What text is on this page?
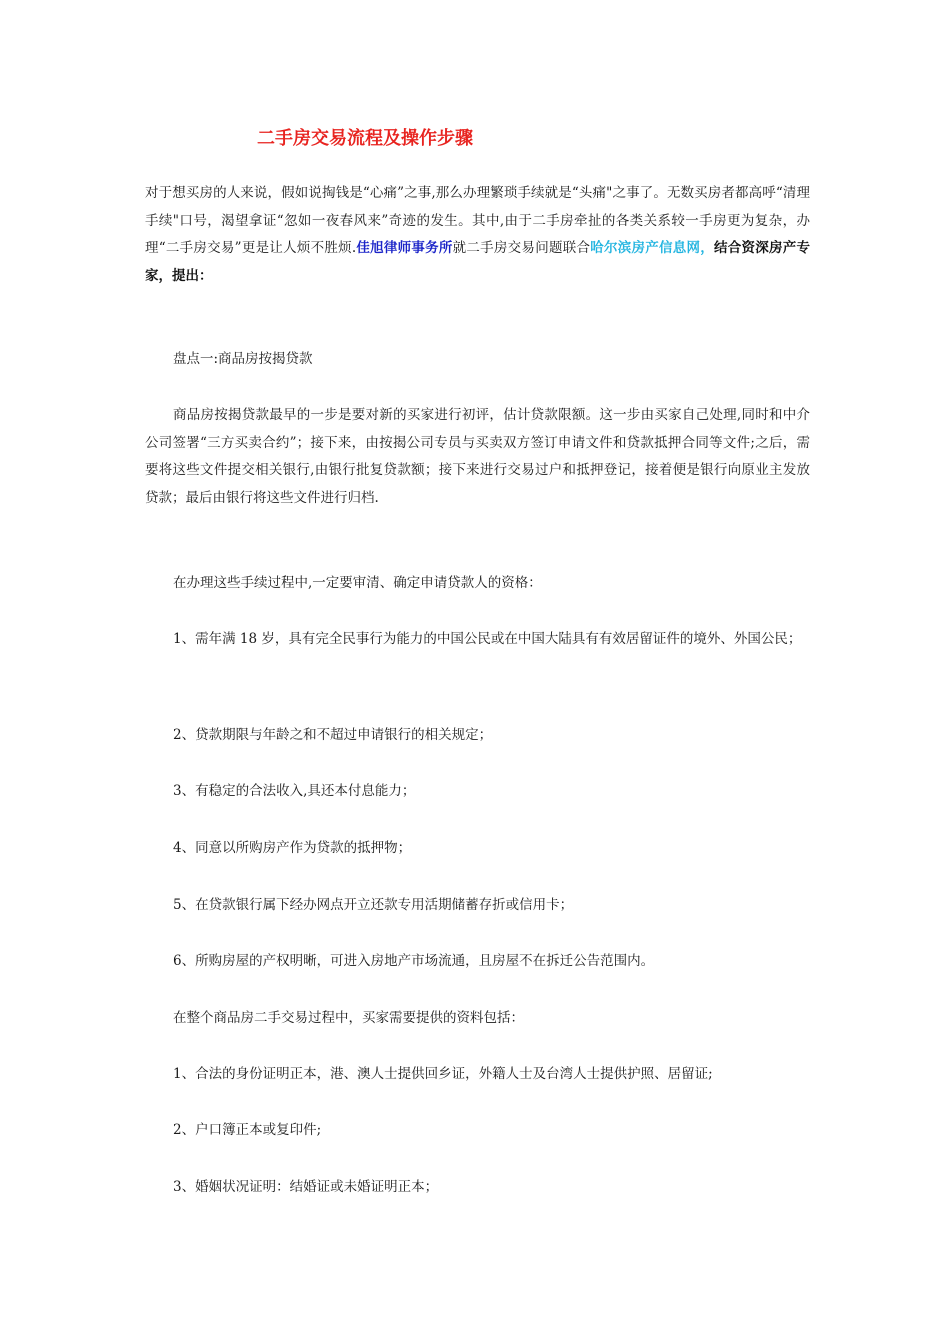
二手房交易流程及操作步骤
对于想买房的人来说，假如说掏钱是“心痛”之事,那么办理繁琐手续就是“头痛"之事了。无数买房者都高呼“清理手续"口号，渴望拿证“忽如一夜春风来”奇迹的发生。其中,由于二手房牵扯的各类关系较一手房更为复杂，办理“二手房交易”更是让人烦不胜烦.佳旭律师事务所就二手房交易问题联合哈尔滨房产信息网，结合资深房产专家，提出：
盘点一:商品房按揭贷款
商品房按揭贷款最早的一步是要对新的买家进行初评，估计贷款限额。这一步由买家自己处理,同时和中介公司签署“三方买卖合约”；接下来，由按揭公司专员与买卖双方签订申请文件和贷款抵押合同等文件;之后，需要将这些文件提交相关银行,由银行批复贷款额；接下来进行交易过户和抵押登记，接着便是银行向原业主发放贷款；最后由银行将这些文件进行归档.
在办理这些手续过程中,一定要审清、确定申请贷款人的资格：
1、需年满 18 岁，具有完全民事行为能力的中国公民或在中国大陆具有有效居留证件的境外、外国公民；
2、贷款期限与年龄之和不超过申请银行的相关规定；
3、有稳定的合法收入,具还本付息能力；
4、同意以所购房产作为贷款的抵押物；
5、在贷款银行属下经办网点开立还款专用活期储蓄存折或信用卡；
6、所购房屋的产权明晰，可进入房地产市场流通，且房屋不在拆迁公告范围内。
在整个商品房二手交易过程中，买家需要提供的资料包括：
1、合法的身份证明正本，港、澳人士提供回乡证，外籍人士及台湾人士提供护照、居留证;
2、户口簿正本或复印件;
3、婚姻状况证明：结婚证或未婚证明正本；
